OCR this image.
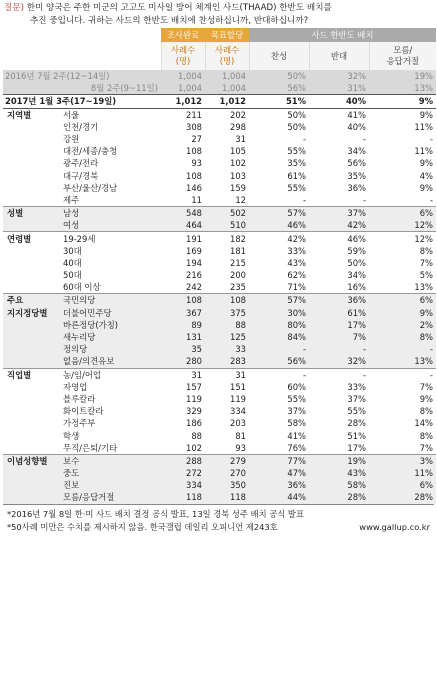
질문) 한미 양국은 주한 미군의 고고도 미사일 방어 체계인 사드(THAAD) 한반도 배치를
추진 중입니다. 귀하는 사드의 한반도 배치에 찬성하십니까, 반대하십니까?
		조사완료	목표할당	사드 한반도 배치		
		사례수
(명)	사례수
(명)	찬성	반대	모름/
응답거절
2016년 7월 2주(12~14일)		1,004	1,004	50%	32%	19%
8월 2주(9~11일)		1,004	1,004	56%	31%	13%
2017년 1월 3주(17~19일)		1,012	1,012	51%	40%	9%
지역별	서울	211	202	50%	41%	9%
	인천/경기	308	298	50%	40%	11%
	강원	27	31	-	-	-
	대전/세종/충청	108	105	55%	34%	11%
	광주/전라	93	102	35%	56%	9%
	대구/경북	108	103	61%	35%	4%
	부산/울산/경남	146	159	55%	36%	9%
	제주	11	12	-	-	-
성별	남성	548	502	57%	37%	6%
	여성	464	510	46%	42%	12%
연령별	19-29세	191	182	42%	46%	12%
	30대	169	181	33%	59%	8%
	40대	194	215	43%	50%	7%
	50대	216	200	62%	34%	5%
	60대 이상	242	235	71%	16%	13%
주요	국민의당	108	108	57%	36%	6%
지지정당별	더불어민주당	367	375	30%	61%	9%
	바른정당(가칭)	89	88	80%	17%	2%
	새누리당	131	125	84%	7%	8%
	정의당	35	33	-	-	-
	없음/의견유보	280	283	56%	32%	13%
직업별	농/임/어업	31	31	-	-	-
	자영업	157	151	60%	33%	7%
	블루칼라	119	119	55%	37%	9%
	화이트칼라	329	334	37%	55%	8%
	가정주부	186	203	58%	28%	14%
	학생	88	81	41%	51%	8%
	무직/은퇴/기타	102	93	76%	17%	7%
이념성향별	보수	288	279	77%	19%	3%
	중도	272	270	47%	43%	11%
	진보	334	350	36%	58%	6%
	모름/응답거절	118	118	44%	28%	28%
*2016년 7월 8일 한·미 사드 배치 결정 공식 발표, 13일 경북 성주 배치 공식 발표
*50사례 미만은 수치를 제시하지 않음. 한국갤럽 데일리 오피니언 제243호	www.gallup.co.kr
